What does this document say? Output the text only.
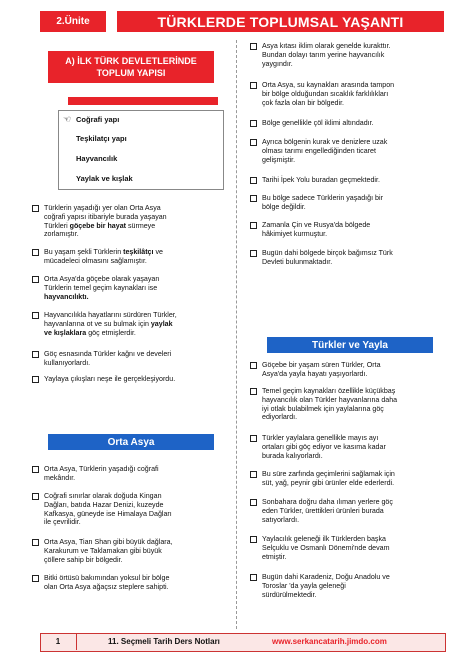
2.Ünite	TÜRKLERDE TOPLUMSAL YAŞANTI
A) İLK TÜRK DEVLETLERİNDE
TOPLUM YAPISI
☜ Coğrafi yapı
Teşkilatçı yapı
Hayvancılık
Yaylak ve kışlak
Türklerin yaşadığı yer olan Orta Asya
coğrafi yapısı itibariyle burada yaşayan
Türkleri göçebe bir hayat sürmeye
zorlamıştır.
Bu yaşam şekli Türklerin teşkilâtçı ve
mücadeleci olmasını sağlamıştır.
Orta Asya'da göçebe olarak yaşayan
Türklerin temel geçim kaynakları ise
hayvancılıktı.
Hayvancılıkla hayatlarını sürdüren Türkler,
hayvanlarına ot ve su bulmak için yaylak
ve kışlaklara göç etmişlerdir.
Göç esnasında Türkler kağnı ve develeri
kullanıyorlardı.
Yaylaya çıkışları neşe ile gerçekleşiyordu.
Orta Asya
Orta Asya, Türklerin yaşadığı coğrafi
mekândır.
Coğrafi sınırlar olarak doğuda Kingan
Dağları, batıda Hazar Denizi, kuzeyde
Kafkasya, güneyde ise Himalaya Dağları
ile çevrilidir.
Orta Asya, Tian Shan gibi büyük dağlara,
Karakurum ve Taklamakan gibi büyük
çöllere sahip bir bölgedir.
Bitki örtüsü bakımından yoksul bir bölge
olan Orta Asya ağaçsız steplere sahipti.
Asya kıtası iklim olarak genelde kurakttır.
Bundan dolayı tarım yerine hayvancılık
yaygındır.
Orta Asya, su kaynakları arasında tampon
bir bölge olduğundan sıcaklık farklılıkları
çok fazla olan bir bölgedir.
Bölge genellikle çöl iklimi altındadır.
Ayrıca bölgenin kurak ve denizlere uzak
olması tarımı engellediğinden ticaret
gelişmiştir.
Tarihi İpek Yolu buradan geçmektedir.
Bu bölge sadece Türklerin yaşadığı bir
bölge değildir.
Zamanla Çin ve Rusya'da bölgede
hâkimiyet kurmuştur.
Bugün dahi bölgede birçok bağımsız Türk
Devleti bulunmaktadır.
Türkler ve Yayla
Göçebe bir yaşam süren Türkler, Orta
Asya'da yayla hayatı yaşıyorlardı.
Temel geçim kaynakları özellikle küçükbaş
hayvancılık olan Türkler hayvanlarına daha
iyi otlak bulabilmek için yaylalarına göç
ediyorlardı.
Türkler yaylalara genellikle mayıs ayı
ortaları gibi göç ediyor ve kasıma kadar
burada kalıyorlardı.
Bu süre zarfında geçimlerini sağlamak için
süt, yağ, peynir gibi ürünler elde ederlerdi.
Sonbahara doğru daha ılıman yerlere göç
eden Türkler, ürettikleri ürünleri burada
satıyorlardı.
Yaylacılık geleneği ilk Türklerden başka
Selçuklu ve Osmanlı Dönemi'nde devam
etmiştir.
Bugün dahi Karadeniz, Doğu Anadolu ve
Toroslar 'da yayla geleneği
sürdürülmektedir.
1	11. Seçmeli Tarih Ders Notları	www.serkancatarih.jimdo.com
